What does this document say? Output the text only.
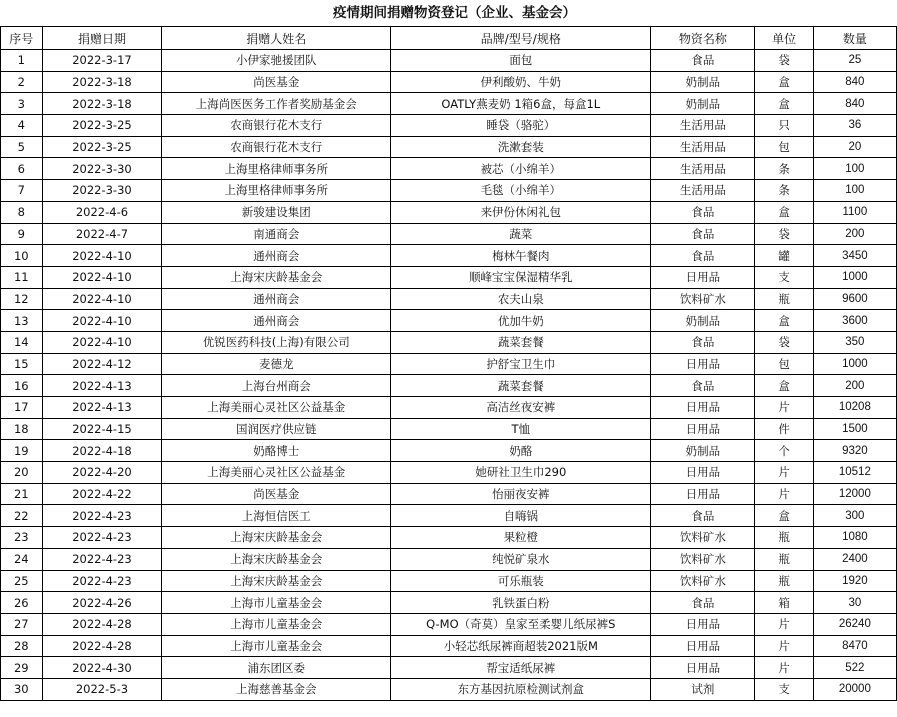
疫情期间捐赠物资登记（企业、基金会）
序号	捐赠日期	捐赠人姓名	品牌/型号/规格	物资名称	单位	数量
1	2022-3-17	小伊家驰援团队	面包	食品	袋	25
2	2022-3-18	尚医基金	伊利酸奶、牛奶	奶制品	盒	840
3	2022-3-18	上海尚医医务工作者奖励基金会	OATLY燕麦奶 1箱6盒，每盒1L	奶制品	盒	840
4	2022-3-25	农商银行花木支行	睡袋（骆驼）	生活用品	只	36
5	2022-3-25	农商银行花木支行	洗漱套装	生活用品	包	20
6	2022-3-30	上海里格律师事务所	被芯（小绵羊）	生活用品	条	100
7	2022-3-30	上海里格律师事务所	毛毯（小绵羊）	生活用品	条	100
8	2022-4-6	新骏建设集团	来伊份休闲礼包	食品	盒	1100
9	2022-4-7	南通商会	蔬菜	食品	袋	200
10	2022-4-10	通州商会	梅林午餐肉	食品	罐	3450
11	2022-4-10	上海宋庆龄基金会	顺峰宝宝保湿精华乳	日用品	支	1000
12	2022-4-10	通州商会	农夫山泉	饮料矿水	瓶	9600
13	2022-4-10	通州商会	优加牛奶	奶制品	盒	3600
14	2022-4-10	优锐医药科技(上海)有限公司	蔬菜套餐	食品	袋	350
15	2022-4-12	麦德龙	护舒宝卫生巾	日用品	包	1000
16	2022-4-13	上海台州商会	蔬菜套餐	食品	盒	200
17	2022-4-13	上海美丽心灵社区公益基金	高洁丝夜安裤	日用品	片	10208
18	2022-4-15	国润医疗供应链	T恤	日用品	件	1500
19	2022-4-18	奶酪博士	奶酪	奶制品	个	9320
20	2022-4-20	上海美丽心灵社区公益基金	她研社卫生巾290	日用品	片	10512
21	2022-4-22	尚医基金	怡丽夜安裤	日用品	片	12000
22	2022-4-23	上海恒信医工	自嗨锅	食品	盒	300
23	2022-4-23	上海宋庆龄基金会	果粒橙	饮料矿水	瓶	1080
24	2022-4-23	上海宋庆龄基金会	纯悦矿泉水	饮料矿水	瓶	2400
25	2022-4-23	上海宋庆龄基金会	可乐瓶装	饮料矿水	瓶	1920
26	2022-4-26	上海市儿童基金会	乳铁蛋白粉	食品	箱	30
27	2022-4-28	上海市儿童基金会	Q-MO（奇莫）皇家至柔婴儿纸尿裤S	日用品	片	26240
28	2022-4-28	上海市儿童基金会	小轻芯纸尿裤商超装2021版M	日用品	片	8470
29	2022-4-30	浦东团区委	帮宝适纸尿裤	日用品	片	522
30	2022-5-3	上海慈善基金会	东方基因抗原检测试剂盒	试剂	支	20000
